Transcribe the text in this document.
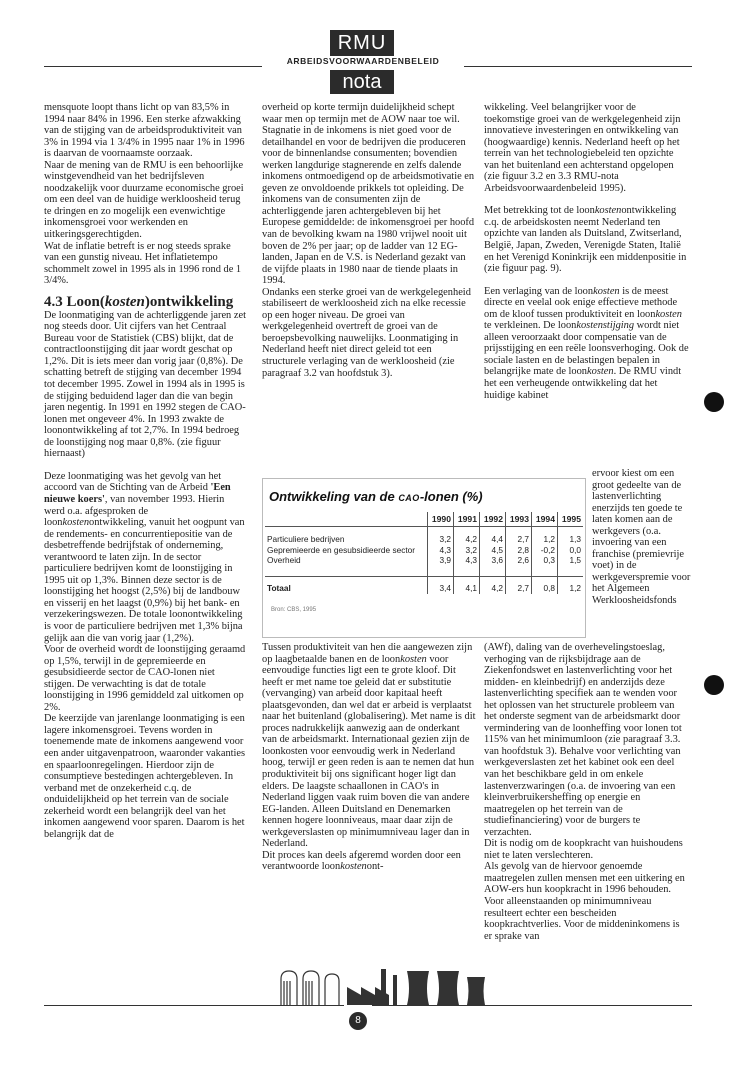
RMU
ARBEIDSVOORWAARDENBELEID
nota

mensquote loopt thans licht op van 83,5% in 1994 naar 84% in 1996. Een sterke afzwakking van de stijging van de arbeidsproduktiviteit van 3% in 1994 via 1 3/4% in 1995 naar 1% in 1996 is daarvan de voornaamste oorzaak.

Naar de mening van de RMU is een behoorlijke winstgevendheid van het bedrijfsleven noodzakelijk voor duurzame economische groei om een deel van de huidige werkloosheid terug te dringen en zo mogelijk een evenwichtige inkomensgroei voor werkenden en uitkeringsgerechtigden.

Wat de inflatie betreft is er nog steeds sprake van een gunstig niveau. Het inflatietempo schommelt zowel in 1995 als in 1996 rond de 1 3/4%.

4.3 Loon(kosten)ontwikkeling

De loonmatiging van de achterliggende jaren zet nog steeds door. Uit cijfers van het Centraal Bureau voor de Statistiek (CBS) blijkt, dat de contractloonstijging dit jaar wordt geschat op 1,2%. Dit is iets meer dan vorig jaar (0,8%). De schatting betreft de stijging van december 1994 tot december 1995. Zowel in 1994 als in 1995 is de stijging beduidend lager dan die van begin jaren negentig. In 1991 en 1992 stegen de CAO-lonen met ongeveer 4%. In 1993 zwakte de loonontwikkeling af tot 2,7%. In 1994 bedroeg de loonstijging nog maar 0,8%. (zie figuur hiernaast)

Deze loonmatiging was het gevolg van het accoord van de Stichting van de Arbeid 'Een nieuwe koers', van november 1993. Hierin werd o.a. afgesproken de loonkostenontwikkeling, vanuit het oogpunt van de rendements- en concurrentiepositie van de desbetreffende bedrijfstak of onderneming, verantwoord te laten zijn. In de sector particuliere bedrijven komt de loonstijging in 1995 uit op 1,3%. Binnen deze sector is de loonstijging het hoogst (2,5%) bij de landbouw en visserij en het laagst (0,9%) bij het bank- en verzekeringswezen. De totale loonontwikkeling is voor de particuliere bedrijven met 1,3% bijna gelijk aan die van vorig jaar (1,2%).

Voor de overheid wordt de loonstijging geraamd op 1,5%, terwijl in de gepremieerde en gesubsidieerde sector de CAO-lonen niet stijgen. De verwachting is dat de totale loonstijging in 1996 gemiddeld zal uitkomen op 2%.

De keerzijde van jarenlange loonmatiging is een lagere inkomensgroei. Tevens worden in toenemende mate de inkomens aangewend voor een ander uitgavenpatroon, waaronder vakanties en spaarloonregelingen. Hierdoor zijn de consumptieve bestedingen achtergebleven. In verband met de onzekerheid c.q. de onduidelijkheid op het terrein van de sociale zekerheid wordt een belangrijk deel van het inkomen aangewend voor sparen. Daarom is het belangrijk dat de

overheid op korte termijn duidelijkheid schept waar men op termijn met de AOW naar toe wil.

Stagnatie in de inkomens is niet goed voor de detailhandel en voor de bedrijven die produceren voor de binnenlandse consumenten; bovendien werken langdurige stagnerende en zelfs dalende inkomens ontmoedigend op de arbeidsmotivatie en geven ze onvoldoende prikkels tot opleiding. De inkomens van de consumenten zijn de achterliggende jaren achtergebleven bij het Europese gemiddelde: de inkomensgroei per hoofd van de bevolking kwam na 1980 vrijwel nooit uit boven de 2% per jaar; op de ladder van 12 EG-landen, Japan en de V.S. is Nederland gezakt van de vijfde plaats in 1980 naar de tiende plaats in 1994.

Ondanks een sterke groei van de werkgelegenheid stabiliseert de werkloosheid zich na elke recessie op een hoger niveau. De groei van werkgelegenheid overtreft de groei van de beroepsbevolking nauwelijks. Loonmatiging in Nederland heeft niet direct geleid tot een structurele verlaging van de werkloosheid (zie paragraaf 3.2 van hoofdstuk 3).

Ontwikkeling van de CAO-lonen (%)
	1990	1991	1992	1993	1994	1995
Particuliere bedrijven	3,2	4,2	4,4	2,7	1,2	1,3
Gepremieerde en gesubsidieerde sector	4,3	3,2	4,5	2,8	-0,2	0,0
Overheid	3,9	4,3	3,6	2,6	0,3	1,5

Totaal	3,4	4,1	4,2	2,7	0,8	1,2
Bron: CBS, 1995

Tussen produktiviteit van hen die aangewezen zijn op laagbetaalde banen en de loonkosten voor eenvoudige functies ligt een te grote kloof. Dit heeft er met name toe geleid dat er substitutie (vervanging) van arbeid door kapitaal heeft plaatsgevonden, dan wel dat er arbeid is verplaatst naar het buitenland (globalisering). Met name is dit proces nadrukkelijk aanwezig aan de onderkant van de arbeidsmarkt. Internationaal gezien zijn de loonkosten voor eenvoudig werk in Nederland hoog, terwijl er geen reden is aan te nemen dat hun produktiviteit bij ons significant hoger ligt dan elders. De laagste schaallonen in CAO's in Nederland liggen vaak ruim boven die van andere EG-landen. Alleen Duitsland en Denemarken kennen hogere loonniveaus, maar daar zijn de werkgeverslasten op minimumniveau lager dan in Nederland.

Dit proces kan deels afgeremd worden door een verantwoorde loonkostenont-

wikkeling. Veel belangrijker voor de toekomstige groei van de werkgelegenheid zijn innovatieve investeringen en ontwikkeling van (hoogwaardige) kennis. Nederland heeft op het terrein van het technologiebeleid ten opzichte van het buitenland een achterstand opgelopen (zie figuur 3.2 en 3.3 RMU-nota Arbeidsvoorwaardenbeleid 1995).

Met betrekking tot de loonkostenontwikkeling c.q. de arbeidskosten neemt Nederland ten opzichte van landen als Duitsland, Zwitserland, België, Japan, Zweden, Verenigde Staten, Italië en het Verenigd Koninkrijk een middenpositie in (zie figuur pag. 9).

Een verlaging van de loonkosten is de meest directe en veelal ook enige effectieve methode om de kloof tussen produktiviteit en loonkosten te verkleinen. De loonkostenstijging wordt niet alleen veroorzaakt door compensatie van de prijsstijging en een reële loonsverhoging. Ook de sociale lasten en de belastingen bepalen in belangrijke mate de loonkosten. De RMU vindt het een verheugende ontwikkeling dat het huidige kabinet

ervoor kiest om een groot gedeelte van de lastenverlichting enerzijds ten goede te laten komen aan de werkgevers (o.a. invoering van een franchise (premievrije voet) in de werkgeverspremie voor het Algemeen Werkloosheidsfonds

(AWf), daling van de overhevelingstoeslag, verhoging van de rijksbijdrage aan de Ziekenfondswet en lastenverlichting voor het midden- en kleinbedrijf) en anderzijds deze lastenverlichting specifiek aan te wenden voor het oplossen van het structurele probleem van het onderste segment van de arbeidsmarkt door vermindering van de loonheffing voor lonen tot 115% van het minimumloon (zie paragraaf 3.3. van hoofdstuk 3). Behalve voor verlichting van werkgeverslasten zet het kabinet ook een deel van het beschikbare geld in om enkele lastenverzwaringen (o.a. de invoering van een kleinverbruikersheffing op energie en maatregelen op het terrein van de studiefinanciering) voor de burgers te verzachten.

Dit is nodig om de koopkracht van huishoudens niet te laten verslechteren.

Als gevolg van de hiervoor genoemde maatregelen zullen mensen met een uitkering en AOW-ers hun koopkracht in 1996 behouden. Voor alleenstaanden op minimumniveau resulteert echter een bescheiden koopkrachtverlies. Voor de middeninkomens is er sprake van

8
